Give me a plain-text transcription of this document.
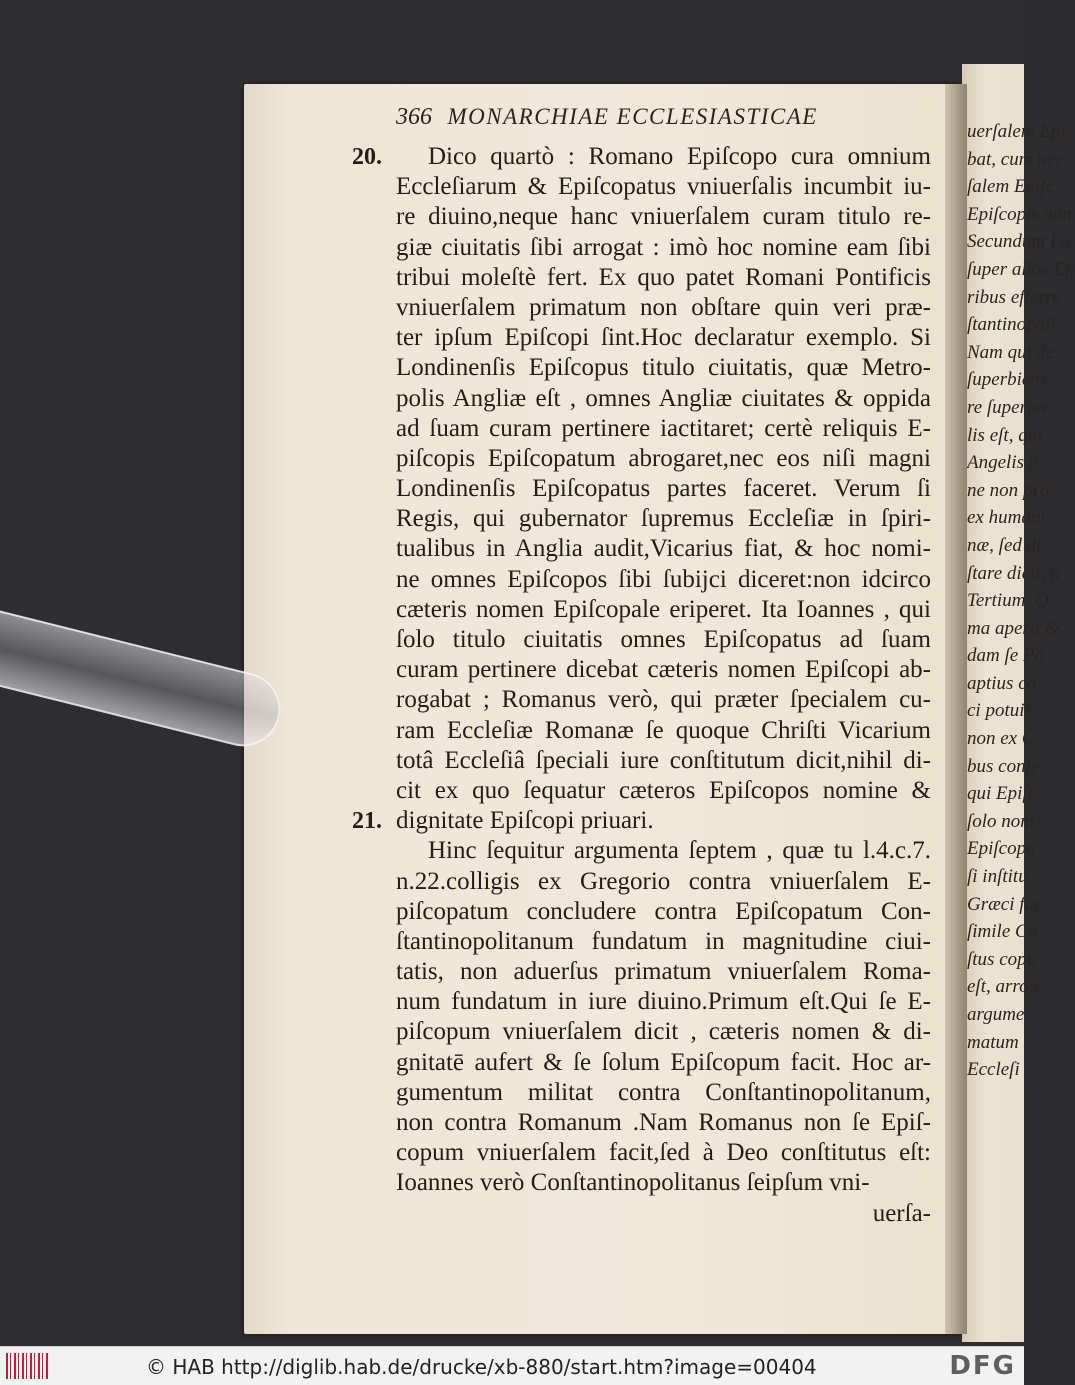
uerſalem Epi
bat, cum nec
ſalem Epiſc
Epiſcopis non
Secundum Lu
ſuper alios Ep
ribus efferre
ſtantinopoli
Nam qui de
ſuperbiens
re ſuperior
lis eſt, qui
Angelis p
ne non pra
ex humani
næ, ſed di
ſtare dicit, n
Tertium. Q
ma aperit &
dam ſe Pa
aptius co
ci potuit
non ex C
bus confe
qui Epiſc
ſolo nom
Epiſcopa
ſi inſtitu
Græci fac
ſimile Co
ſtus copu
eſt, arrog
argume
matum
Eccleſi
366 MONARCHIAE ECCLESIASTICAE
20.
21.
Dico quartò : Romano Epiſcopo cura omnium
Eccleſiarum & Epiſcopatus vniuerſalis incumbit iu-
re diuino,neque hanc vniuerſalem curam titulo re-
giæ ciuitatis ſibi arrogat : imò hoc nomine eam ſibi
tribui moleſtè fert. Ex quo patet Romani Pontificis
vniuerſalem primatum non obſtare quin veri præ-
ter ipſum Epiſcopi ſint.Hoc declaratur exemplo. Si
Londinenſis Epiſcopus titulo ciuitatis, quæ Metro-
polis Angliæ eſt , omnes Angliæ ciuitates & oppida
ad ſuam curam pertinere iactitaret; certè reliquis E-
piſcopis Epiſcopatum abrogaret,nec eos niſi magni
Londinenſis Epiſcopatus partes faceret. Verum ſi
Regis, qui gubernator ſupremus Eccleſiæ in ſpiri-
tualibus in Anglia audit,Vicarius fiat, & hoc nomi-
ne omnes Epiſcopos ſibi ſubijci diceret:non idcirco
cæteris nomen Epiſcopale eriperet. Ita Ioannes , qui
ſolo titulo ciuitatis omnes Epiſcopatus ad ſuam
curam pertinere dicebat cæteris nomen Epiſcopi ab-
rogabat ; Romanus verò, qui præter ſpecialem cu-
ram Eccleſiæ Romanæ ſe quoque Chriſti Vicarium
totâ Eccleſiâ ſpeciali iure conſtitutum dicit,nihil di-
cit ex quo ſequatur cæteros Epiſcopos nomine &
dignitate Epiſcopi priuari.
Hinc ſequitur argumenta ſeptem , quæ tu l.4.c.7.
n.22.colligis ex Gregorio contra vniuerſalem E-
piſcopatum concludere contra Epiſcopatum Con-
ſtantinopolitanum fundatum in magnitudine ciui-
tatis, non aduerſus primatum vniuerſalem Roma-
num fundatum in iure diuino.Primum eſt.Qui ſe E-
piſcopum vniuerſalem dicit , cæteris nomen & di-
gnitatē aufert & ſe ſolum Epiſcopum facit. Hoc ar-
gumentum militat contra Conſtantinopolitanum,
non contra Romanum .Nam Romanus non ſe Epiſ-
copum vniuerſalem facit,ſed à Deo conſtitutus eſt:
Ioannes verò Conſtantinopolitanus ſeipſum vni-
uerſa-
© HAB http://diglib.hab.de/drucke/xb-880/start.htm?image=00404	DFG
